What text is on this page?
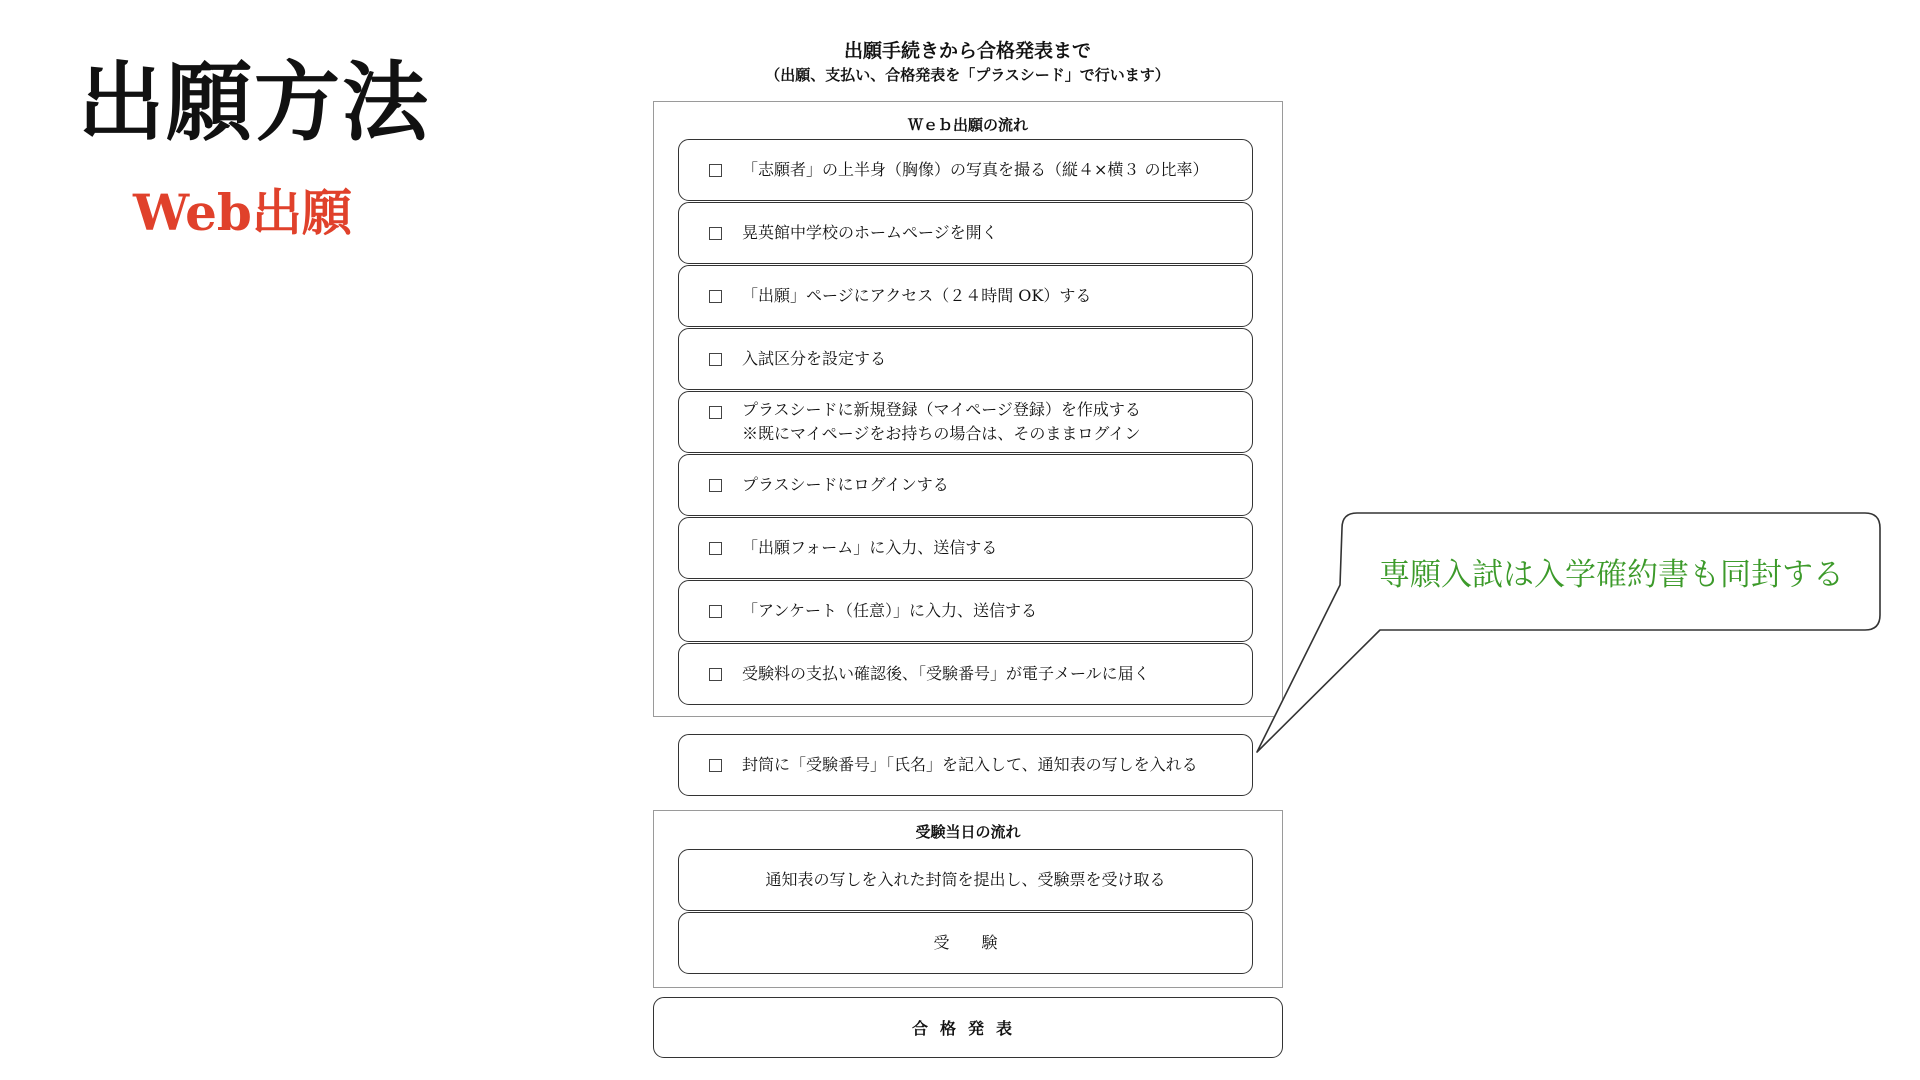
出願方法
Web出願
出願手続きから合格発表まで
（出願、支払い、合格発表を「プラスシード」で行います）
Ｗｅｂ出願の流れ
「志願者」の上半身（胸像）の写真を撮る（縦４×横３ の比率）
晃英館中学校のホームページを開く
「出願」ページにアクセス（２４時間 OK）する
入試区分を設定する
プラスシードに新規登録（マイページ登録）を作成する
※既にマイページをお持ちの場合は、そのままログイン
プラスシードにログインする
「出願フォーム」に入力、送信する
「アンケート（任意）」に入力、送信する
受験料の支払い確認後、「受験番号」が電子メールに届く
封筒に「受験番号」「氏名」を記入して、通知表の写しを入れる
受験当日の流れ
通知表の写しを入れた封筒を提出し、受験票を受け取る
受　　験
合格発表
専願入試は入学確約書も同封する
